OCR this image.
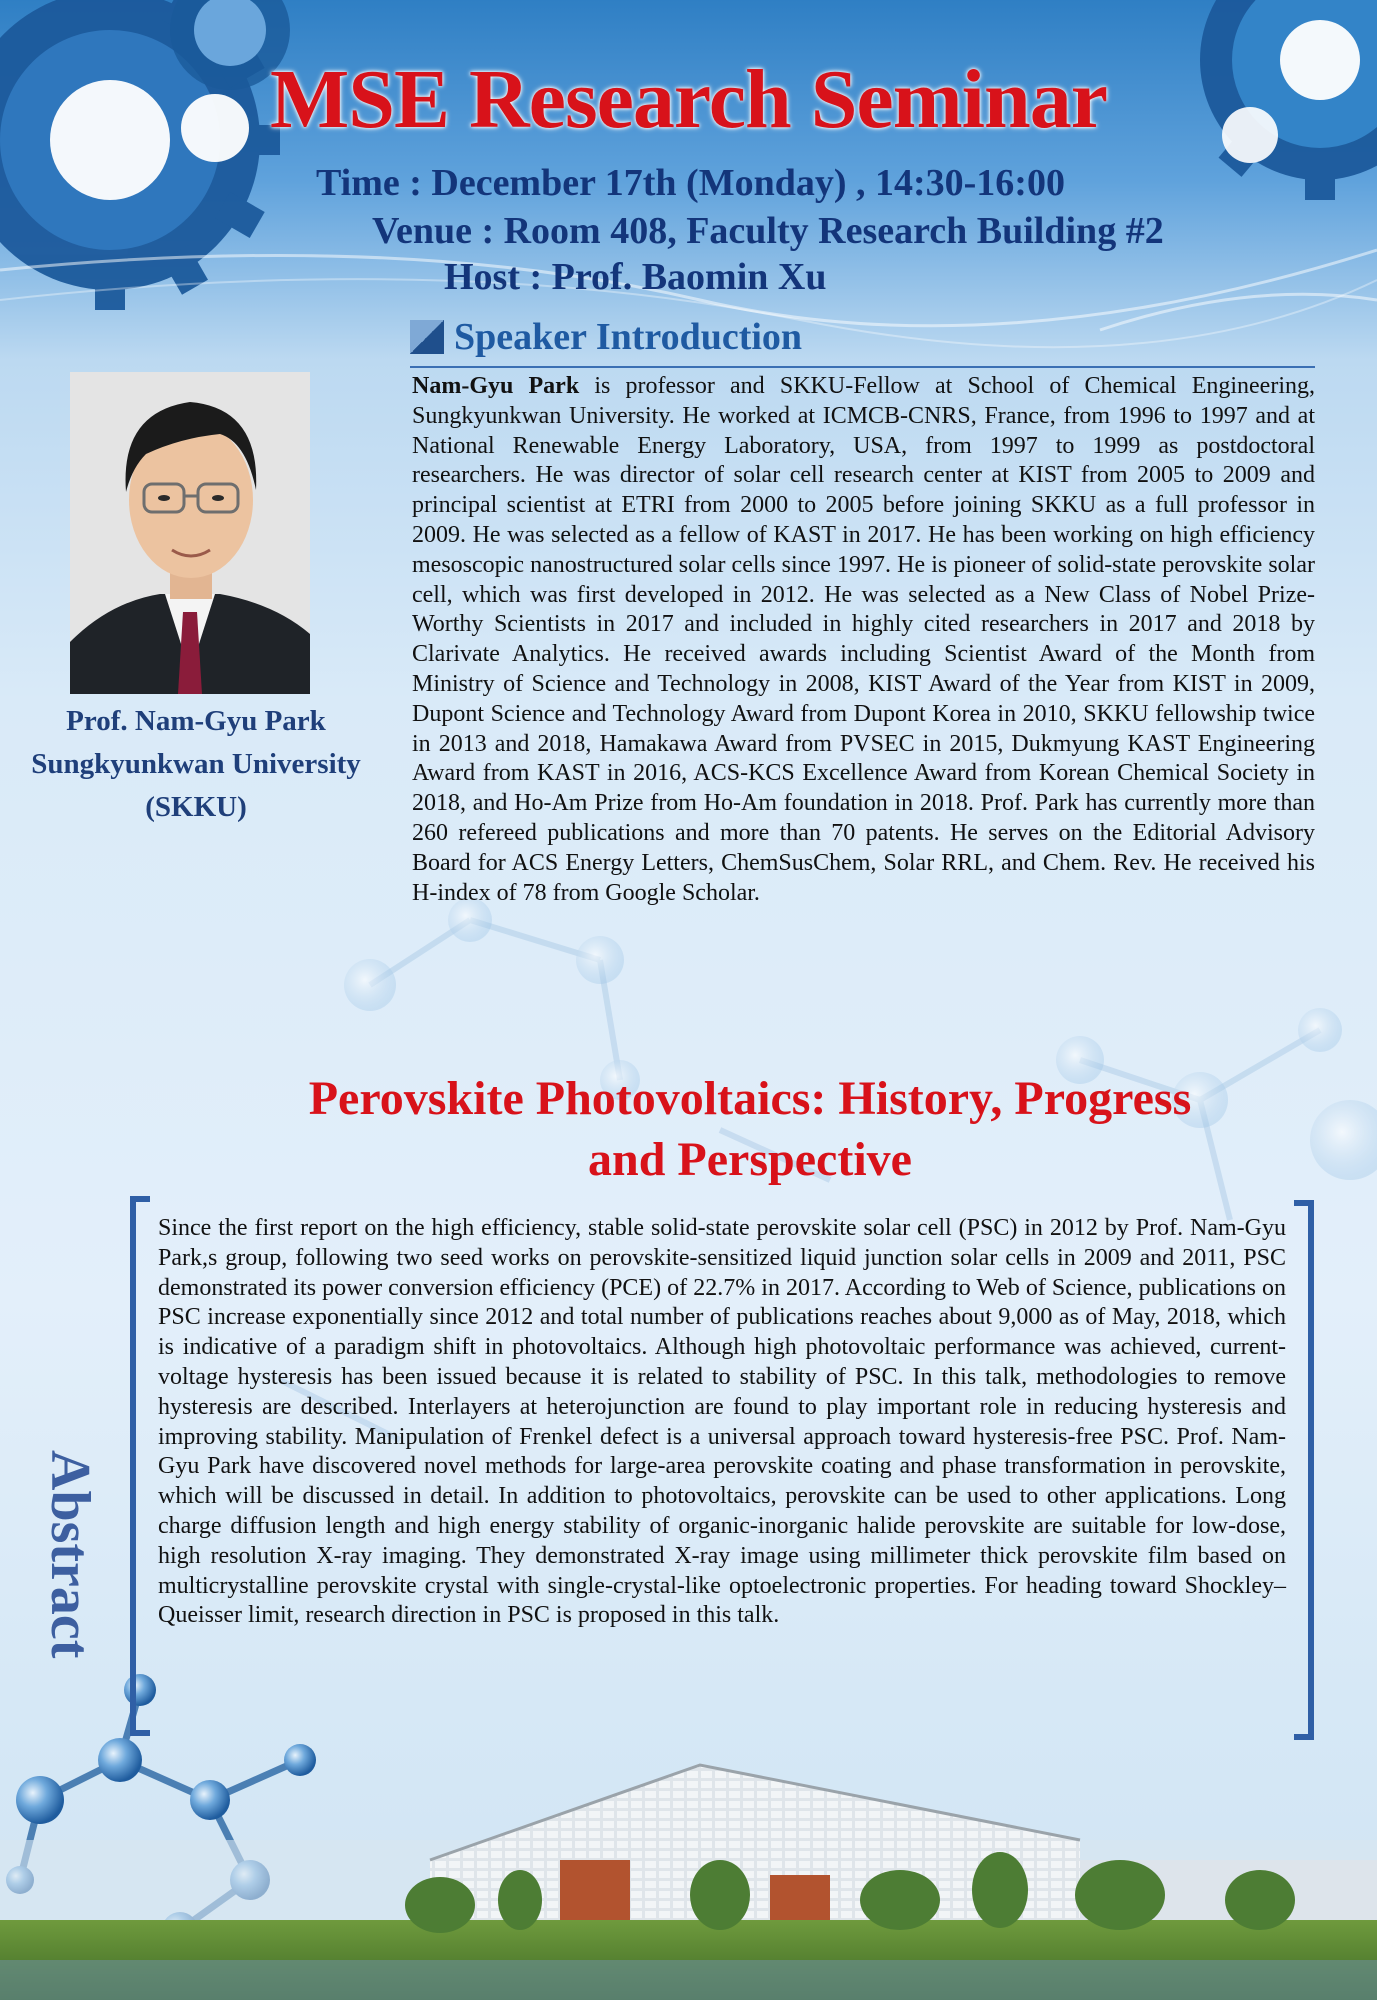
MSE Research Seminar
Time : December 17th (Monday) , 14:30-16:00
Venue : Room 408, Faculty Research Building #2
Host : Prof. Baomin Xu
Speaker Introduction
Prof. Nam-Gyu Park
Sungkyunkwan University
(SKKU)
Nam-Gyu Park is professor and SKKU-Fellow at School of Chemical Engineering, Sungkyunkwan University. He worked at ICMCB-CNRS, France, from 1996 to 1997 and at National Renewable Energy Laboratory, USA, from 1997 to 1999 as postdoctoral researchers. He was director of solar cell research center at KIST from 2005 to 2009 and principal scientist at ETRI from 2000 to 2005 before joining SKKU as a full professor in 2009. He was selected as a fellow of KAST in 2017. He has been working on high efficiency mesoscopic nanostructured solar cells since 1997. He is pioneer of solid-state perovskite solar cell, which was first developed in 2012. He was selected as a New Class of Nobel Prize-Worthy Scientists in 2017 and included in highly cited researchers in 2017 and 2018 by Clarivate Analytics. He received awards including Scientist Award of the Month from Ministry of Science and Technology in 2008, KIST Award of the Year from KIST in 2009, Dupont Science and Technology Award from Dupont Korea in 2010, SKKU fellowship twice in 2013 and 2018, Hamakawa Award from PVSEC in 2015, Dukmyung KAST Engineering Award from KAST in 2016, ACS-KCS Excellence Award from Korean Chemical Society in 2018, and Ho-Am Prize from Ho-Am foundation in 2018. Prof. Park has currently more than 260 refereed publications and more than 70 patents. He serves on the Editorial Advisory Board for ACS Energy Letters, ChemSusChem, Solar RRL, and Chem. Rev. He received his H-index of 78 from Google Scholar.
Perovskite Photovoltaics: History, Progress
and Perspective
Abstract
Since the first report on the high efficiency, stable solid-state perovskite solar cell (PSC) in 2012 by Prof. Nam-Gyu Park,s group, following two seed works on perovskite-sensitized liquid junction solar cells in 2009 and 2011, PSC demonstrated its power conversion efficiency (PCE) of 22.7% in 2017. According to Web of Science, publications on PSC increase exponentially since 2012 and total number of publications reaches about 9,000 as of May, 2018, which is indicative of a paradigm shift in photovoltaics. Although high photovoltaic performance was achieved, current-voltage hysteresis has been issued because it is related to stability of PSC. In this talk, methodologies to remove hysteresis are described. Interlayers at heterojunction are found to play important role in reducing hysteresis and improving stability. Manipulation of Frenkel defect is a universal approach toward hysteresis-free PSC. Prof. Nam-Gyu Park have discovered novel methods for large-area perovskite coating and phase transformation in perovskite, which will be discussed in detail. In addition to photovoltaics, perovskite can be used to other applications. Long charge diffusion length and high energy stability of organic-inorganic halide perovskite are suitable for low-dose, high resolution X-ray imaging. They demonstrated X-ray image using millimeter thick perovskite film based on multicrystalline perovskite crystal with single-crystal-like optoelectronic properties. For heading toward Shockley–Queisser limit, research direction in PSC is proposed in this talk.
